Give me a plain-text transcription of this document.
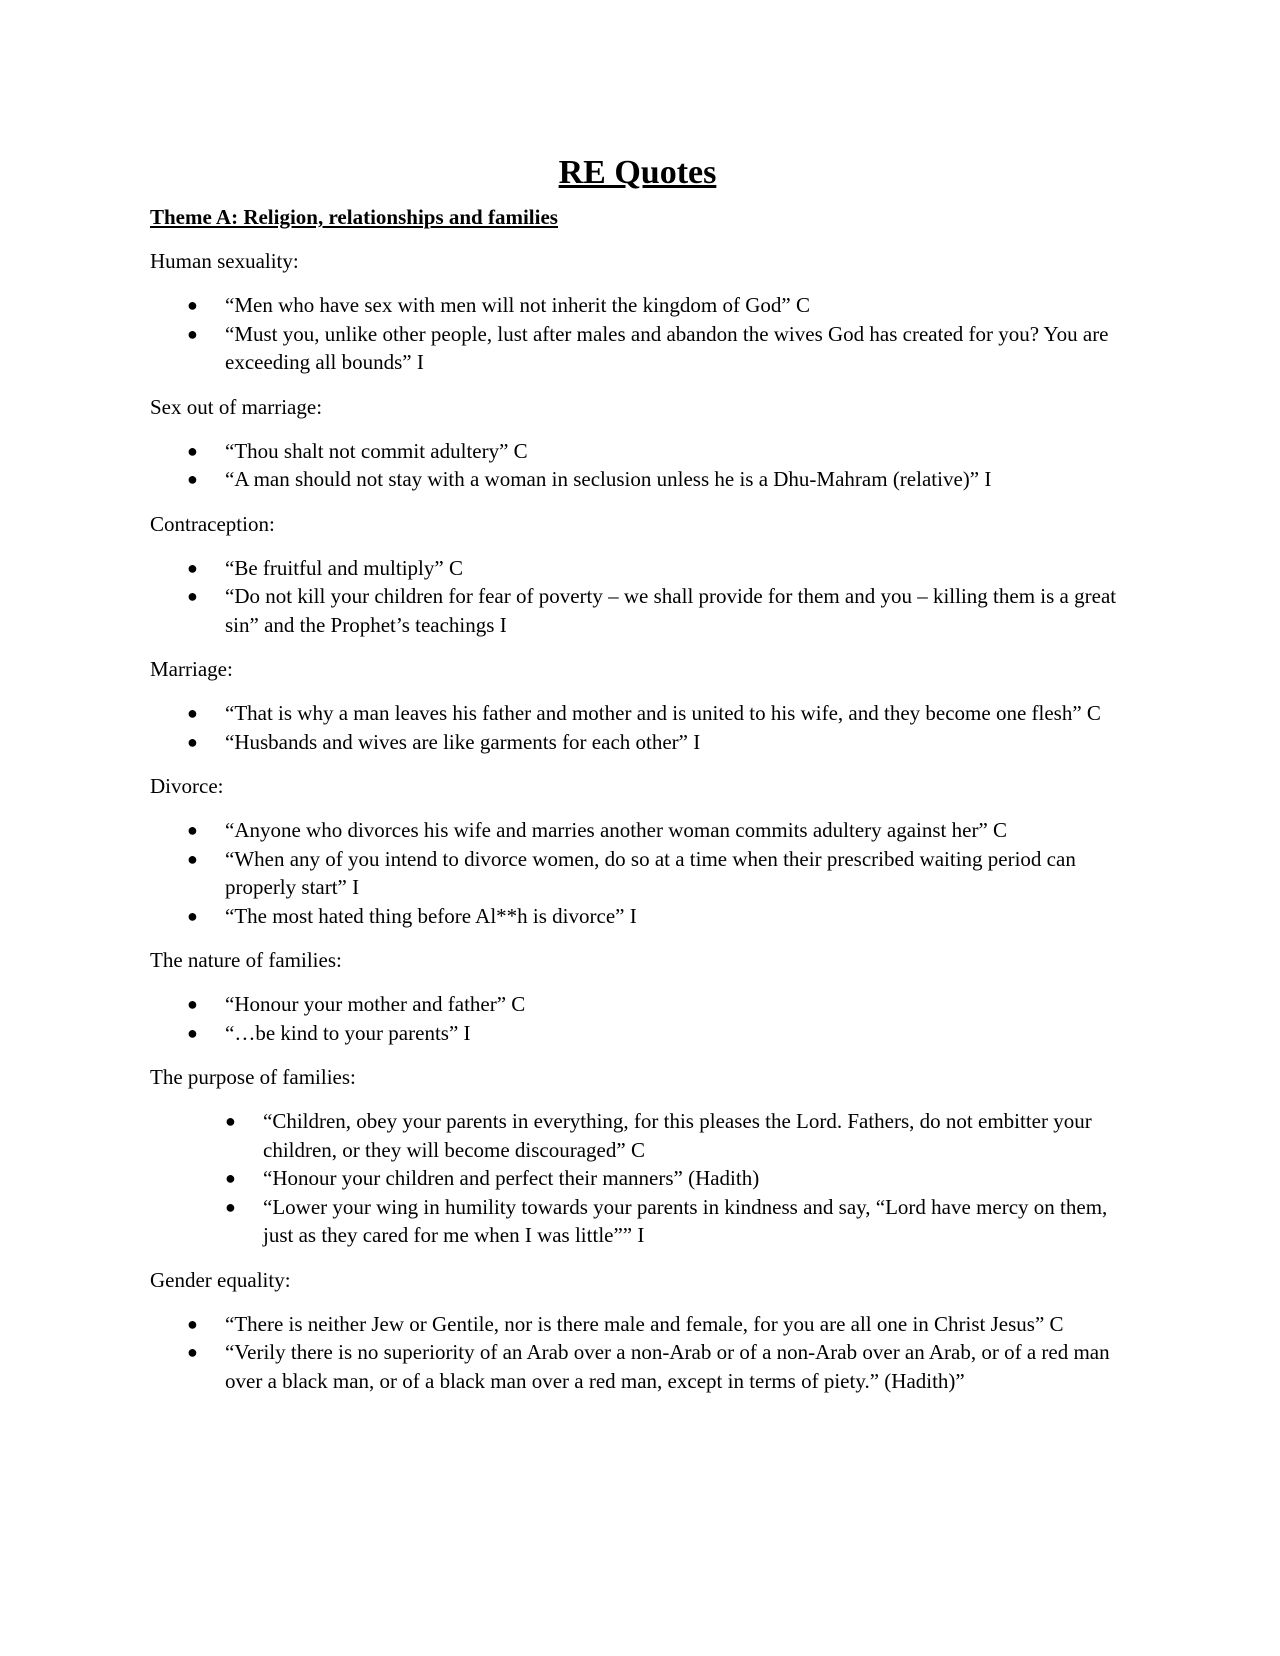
RE Quotes

Theme A: Religion, relationships and families

Human sexuality:

● “Men who have sex with men will not inherit the kingdom of God” C
● “Must you, unlike other people, lust after males and abandon the wives God has created for you? You are exceeding all bounds” I

Sex out of marriage:

● “Thou shalt not commit adultery” C
● “A man should not stay with a woman in seclusion unless he is a Dhu-Mahram (relative)” I

Contraception:

● “Be fruitful and multiply” C
● “Do not kill your children for fear of poverty – we shall provide for them and you – killing them is a great sin” and the Prophet’s teachings I

Marriage:

● “That is why a man leaves his father and mother and is united to his wife, and they become one flesh” C
● “Husbands and wives are like garments for each other” I

Divorce:

● “Anyone who divorces his wife and marries another woman commits adultery against her” C
● “When any of you intend to divorce women, do so at a time when their prescribed waiting period can properly start” I
● “The most hated thing before Al**h is divorce” I

The nature of families:

● “Honour your mother and father” C
● “…be kind to your parents” I

The purpose of families:

● “Children, obey your parents in everything, for this pleases the Lord. Fathers, do not embitter your children, or they will become discouraged” C
● “Honour your children and perfect their manners” (Hadith)
● “Lower your wing in humility towards your parents in kindness and say, “Lord have mercy on them, just as they cared for me when I was little”” I

Gender equality:

● “There is neither Jew or Gentile, nor is there male and female, for you are all one in Christ Jesus” C
● “Verily there is no superiority of an Arab over a non-Arab or of a non-Arab over an Arab, or of a red man over a black man, or of a black man over a red man, except in terms of piety.” (Hadith)”
